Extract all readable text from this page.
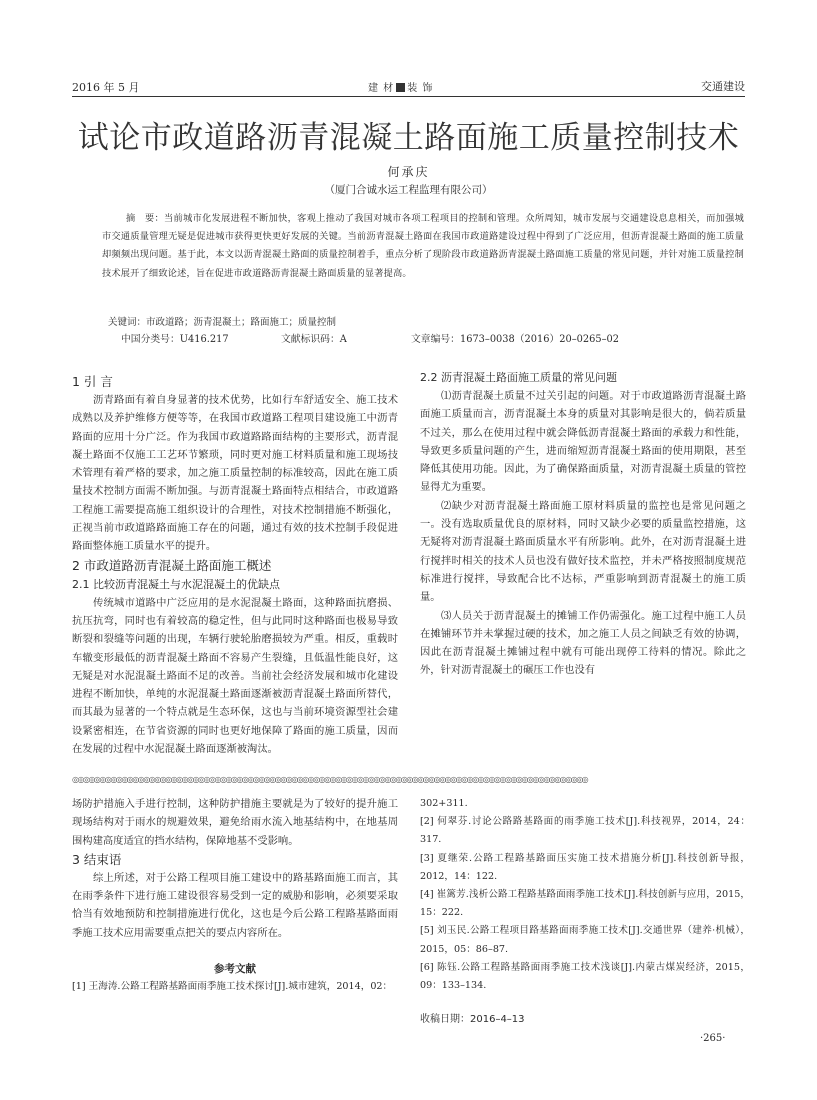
2016 年 5 月	建 材 装 饰	交通建设
试论市政道路沥青混凝土路面施工质量控制技术
何承庆
（厦门合诚水运工程监理有限公司）

摘　要：当前城市化发展进程不断加快，客观上推动了我国对城市各项工程项目的控制和管理。众所周知，城市发展与交通建设息息相关，而加强城市交通质量管理无疑是促进城市获得更快更好发展的关键。当前沥青混凝土路面在我国市政道路建设过程中得到了广泛应用，但沥青混凝土路面的施工质量却频频出现问题。基于此，本文以沥青混凝土路面的质量控制着手，重点分析了现阶段市政道路沥青混凝土路面施工质量的常见问题，并针对施工质量控制技术展开了细致论述，旨在促进市政道路沥青混凝土路面质量的显著提高。

关键词：市政道路；沥青混凝土；路面施工；质量控制
中国分类号：U416.217	文献标识码：A	文章编号：1673–0038（2016）20–0265–02
1 引 言

沥青路面有着自身显著的技术优势，比如行车舒适安全、施工技术成熟以及养护维修方便等等，在我国市政道路工程项目建设施工中沥青路面的应用十分广泛。作为我国市政道路路面结构的主要形式，沥青混凝土路面不仅施工工艺环节繁琐，同时更对施工材料质量和施工现场技术管理有着严格的要求，加之施工质量控制的标准较高，因此在施工质量技术控制方面需不断加强。与沥青混凝土路面特点相结合，市政道路工程施工需要提高施工组织设计的合理性，对技术控制措施不断强化，正视当前市政道路路面施工存在的问题，通过有效的技术控制手段促进路面整体施工质量水平的提升。

2 市政道路沥青混凝土路面施工概述
2.1 比较沥青混凝土与水泥混凝土的优缺点

传统城市道路中广泛应用的是水泥混凝土路面，这种路面抗磨损、抗压抗弯，同时也有着较高的稳定性，但与此同时这种路面也极易导致断裂和裂缝等问题的出现，车辆行驶轮胎磨损较为严重。相反，重载时车辙变形最低的沥青混凝土路面不容易产生裂缝，且低温性能良好，这无疑是对水泥混凝土路面不足的改善。当前社会经济发展和城市化建设进程不断加快，单纯的水泥混凝土路面逐渐被沥青混凝土路面所替代，而其最为显著的一个特点就是生态环保，这也与当前环境资源型社会建设紧密相连，在节省资源的同时也更好地保障了路面的施工质量，因而在发展的过程中水泥混凝土路面逐渐被淘汰。

2.2 沥青混凝土路面施工质量的常见问题

⑴沥青混凝土质量不过关引起的问题。对于市政道路沥青混凝土路面施工质量而言，沥青混凝土本身的质量对其影响是很大的，倘若质量不过关，那么在使用过程中就会降低沥青混凝土路面的承载力和性能，导致更多质量问题的产生，进而缩短沥青混凝土路面的使用期限，甚至降低其使用功能。因此，为了确保路面质量，对沥青混凝土质量的管控显得尤为重要。

⑵缺少对沥青混凝土路面施工原材料质量的监控也是常见问题之一。没有选取质量优良的原材料，同时又缺少必要的质量监控措施，这无疑将对沥青混凝土路面质量水平有所影响。此外，在对沥青混凝土进行搅拌时相关的技术人员也没有做好技术监控，并未严格按照制度规范标准进行搅拌，导致配合比不达标，严重影响到沥青混凝土的施工质量。

⑶人员关于沥青混凝土的摊铺工作仍需强化。施工过程中施工人员在摊铺环节并未掌握过硬的技术，加之施工人员之间缺乏有效的协调，因此在沥青混凝土摊铺过程中就有可能出现停工待料的情况。除此之外，针对沥青混凝土的碾压工作也没有

◎◎◎◎◎◎◎◎◎◎◎◎◎◎◎◎◎◎◎◎◎◎◎◎◎◎◎◎◎◎◎◎◎◎◎◎◎◎◎◎◎◎◎◎◎◎◎◎◎◎◎◎◎◎◎◎◎◎◎◎◎◎◎◎◎◎◎◎◎◎◎◎◎◎◎◎◎◎◎◎◎◎◎◎◎◎◎◎◎◎◎◎◎◎

场防护措施入手进行控制，这种防护措施主要就是为了较好的提升施工现场结构对于雨水的规避效果，避免给雨水流入地基结构中，在地基周围构建高度适宜的挡水结构，保障地基不受影响。

3 结束语

综上所述，对于公路工程项目施工建设中的路基路面施工而言，其在雨季条件下进行施工建设很容易受到一定的威胁和影响，必须要采取恰当有效地预防和控制措施进行优化，这也是今后公路工程路基路面雨季施工技术应用需要重点把关的要点内容所在。

参考文献

[1] 王海涛.公路工程路基路面雨季施工技术探讨[J].城市建筑，2014，02：

302+311.

[2] 何翠芬.讨论公路路基路面的雨季施工技术[J].科技视界，2014，24：317.

[3] 夏继荣.公路工程路基路面压实施工技术措施分析[J].科技创新导报，2012，14：122.

[4] 崔篱芳.浅析公路工程路基路面雨季施工技术[J].科技创新与应用，2015，15：222.

[5] 刘玉民.公路工程项目路基路面雨季施工技术[J].交通世界（建养·机械），2015，05：86–87.

[6] 陈钰.公路工程路基路面雨季施工技术浅谈[J].内蒙古煤炭经济，2015，09：133–134.

收稿日期：2016–4–13

·265·
